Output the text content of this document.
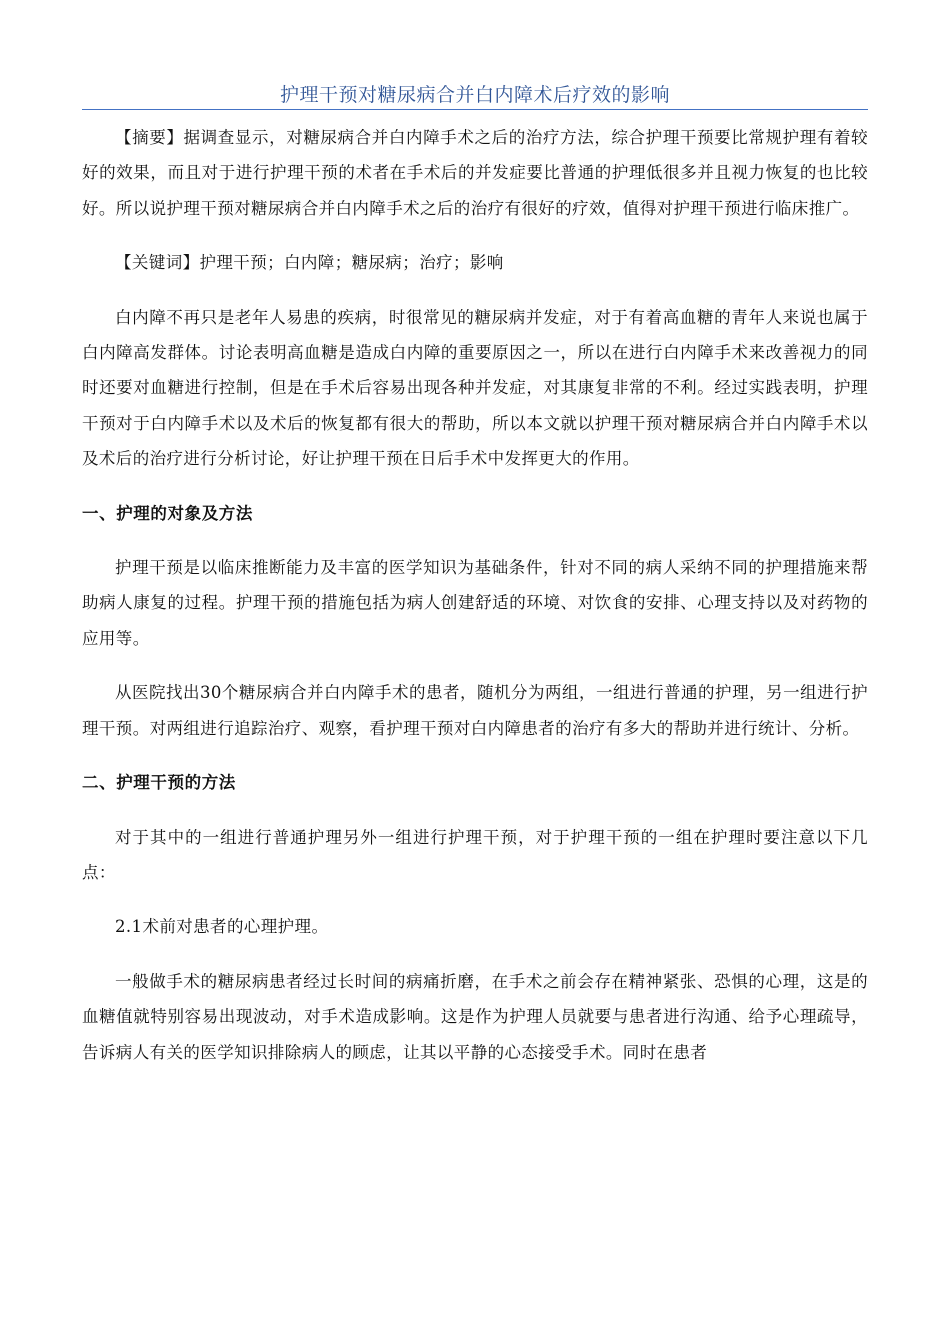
护理干预对糖尿病合并白内障术后疗效的影响

【摘要】据调查显示，对糖尿病合并白内障手术之后的治疗方法，综合护理干预要比常规护理有着较好的效果，而且对于进行护理干预的术者在手术后的并发症要比普通的护理低很多并且视力恢复的也比较好。所以说护理干预对糖尿病合并白内障手术之后的治疗有很好的疗效，值得对护理干预进行临床推广。

【关键词】护理干预；白内障；糖尿病；治疗；影响

白内障不再只是老年人易患的疾病，时很常见的糖尿病并发症，对于有着高血糖的青年人来说也属于白内障高发群体。讨论表明高血糖是造成白内障的重要原因之一，所以在进行白内障手术来改善视力的同时还要对血糖进行控制，但是在手术后容易出现各种并发症，对其康复非常的不利。经过实践表明，护理干预对于白内障手术以及术后的恢复都有很大的帮助，所以本文就以护理干预对糖尿病合并白内障手术以及术后的治疗进行分析讨论，好让护理干预在日后手术中发挥更大的作用。

一、护理的对象及方法

护理干预是以临床推断能力及丰富的医学知识为基础条件，针对不同的病人采纳不同的护理措施来帮助病人康复的过程。护理干预的措施包括为病人创建舒适的环境、对饮食的安排、心理支持以及对药物的应用等。

从医院找出30个糖尿病合并白内障手术的患者，随机分为两组，一组进行普通的护理，另一组进行护理干预。对两组进行追踪治疗、观察，看护理干预对白内障患者的治疗有多大的帮助并进行统计、分析。

二、护理干预的方法

对于其中的一组进行普通护理另外一组进行护理干预，对于护理干预的一组在护理时要注意以下几点：

2.1术前对患者的心理护理。

一般做手术的糖尿病患者经过长时间的病痛折磨，在手术之前会存在精神紧张、恐惧的心理，这是的血糖值就特别容易出现波动，对手术造成影响。这是作为护理人员就要与患者进行沟通、给予心理疏导，告诉病人有关的医学知识排除病人的顾虑，让其以平静的心态接受手术。同时在患者
